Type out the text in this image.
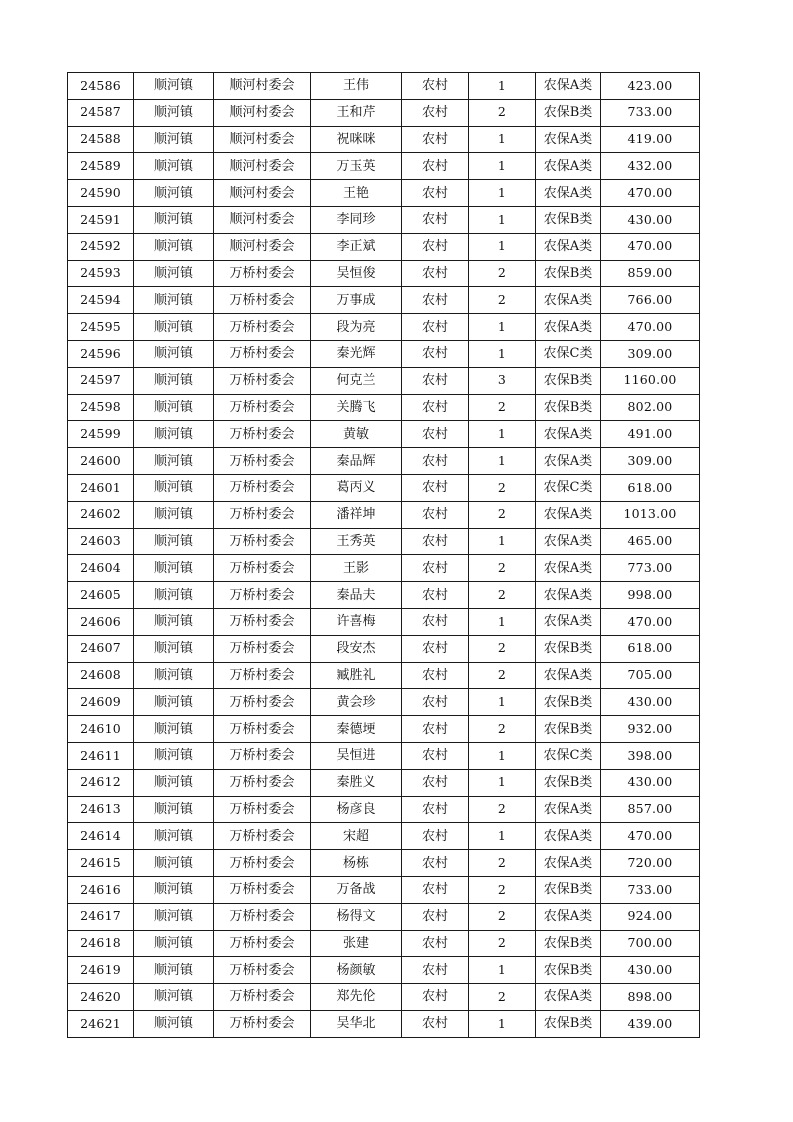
24586	顺河镇	顺河村委会	王伟	农村	1	农保A类	423.00
24587	顺河镇	顺河村委会	王和芹	农村	2	农保B类	733.00
24588	顺河镇	顺河村委会	祝咪咪	农村	1	农保A类	419.00
24589	顺河镇	顺河村委会	万玉英	农村	1	农保A类	432.00
24590	顺河镇	顺河村委会	王艳	农村	1	农保A类	470.00
24591	顺河镇	顺河村委会	李同珍	农村	1	农保B类	430.00
24592	顺河镇	顺河村委会	李正斌	农村	1	农保A类	470.00
24593	顺河镇	万桥村委会	吴恒俊	农村	2	农保B类	859.00
24594	顺河镇	万桥村委会	万事成	农村	2	农保A类	766.00
24595	顺河镇	万桥村委会	段为亮	农村	1	农保A类	470.00
24596	顺河镇	万桥村委会	秦光辉	农村	1	农保C类	309.00
24597	顺河镇	万桥村委会	何克兰	农村	3	农保B类	1160.00
24598	顺河镇	万桥村委会	关腾飞	农村	2	农保B类	802.00
24599	顺河镇	万桥村委会	黄敏	农村	1	农保A类	491.00
24600	顺河镇	万桥村委会	秦品辉	农村	1	农保A类	309.00
24601	顺河镇	万桥村委会	葛丙义	农村	2	农保C类	618.00
24602	顺河镇	万桥村委会	潘祥坤	农村	2	农保A类	1013.00
24603	顺河镇	万桥村委会	王秀英	农村	1	农保A类	465.00
24604	顺河镇	万桥村委会	王影	农村	2	农保A类	773.00
24605	顺河镇	万桥村委会	秦品夫	农村	2	农保A类	998.00
24606	顺河镇	万桥村委会	许喜梅	农村	1	农保A类	470.00
24607	顺河镇	万桥村委会	段安杰	农村	2	农保B类	618.00
24608	顺河镇	万桥村委会	臧胜礼	农村	2	农保A类	705.00
24609	顺河镇	万桥村委会	黄会珍	农村	1	农保B类	430.00
24610	顺河镇	万桥村委会	秦德埂	农村	2	农保B类	932.00
24611	顺河镇	万桥村委会	吴恒进	农村	1	农保C类	398.00
24612	顺河镇	万桥村委会	秦胜义	农村	1	农保B类	430.00
24613	顺河镇	万桥村委会	杨彦良	农村	2	农保A类	857.00
24614	顺河镇	万桥村委会	宋超	农村	1	农保A类	470.00
24615	顺河镇	万桥村委会	杨栋	农村	2	农保A类	720.00
24616	顺河镇	万桥村委会	万备战	农村	2	农保B类	733.00
24617	顺河镇	万桥村委会	杨得文	农村	2	农保A类	924.00
24618	顺河镇	万桥村委会	张建	农村	2	农保B类	700.00
24619	顺河镇	万桥村委会	杨颜敏	农村	1	农保B类	430.00
24620	顺河镇	万桥村委会	郑先伦	农村	2	农保A类	898.00
24621	顺河镇	万桥村委会	吴华北	农村	1	农保B类	439.00
